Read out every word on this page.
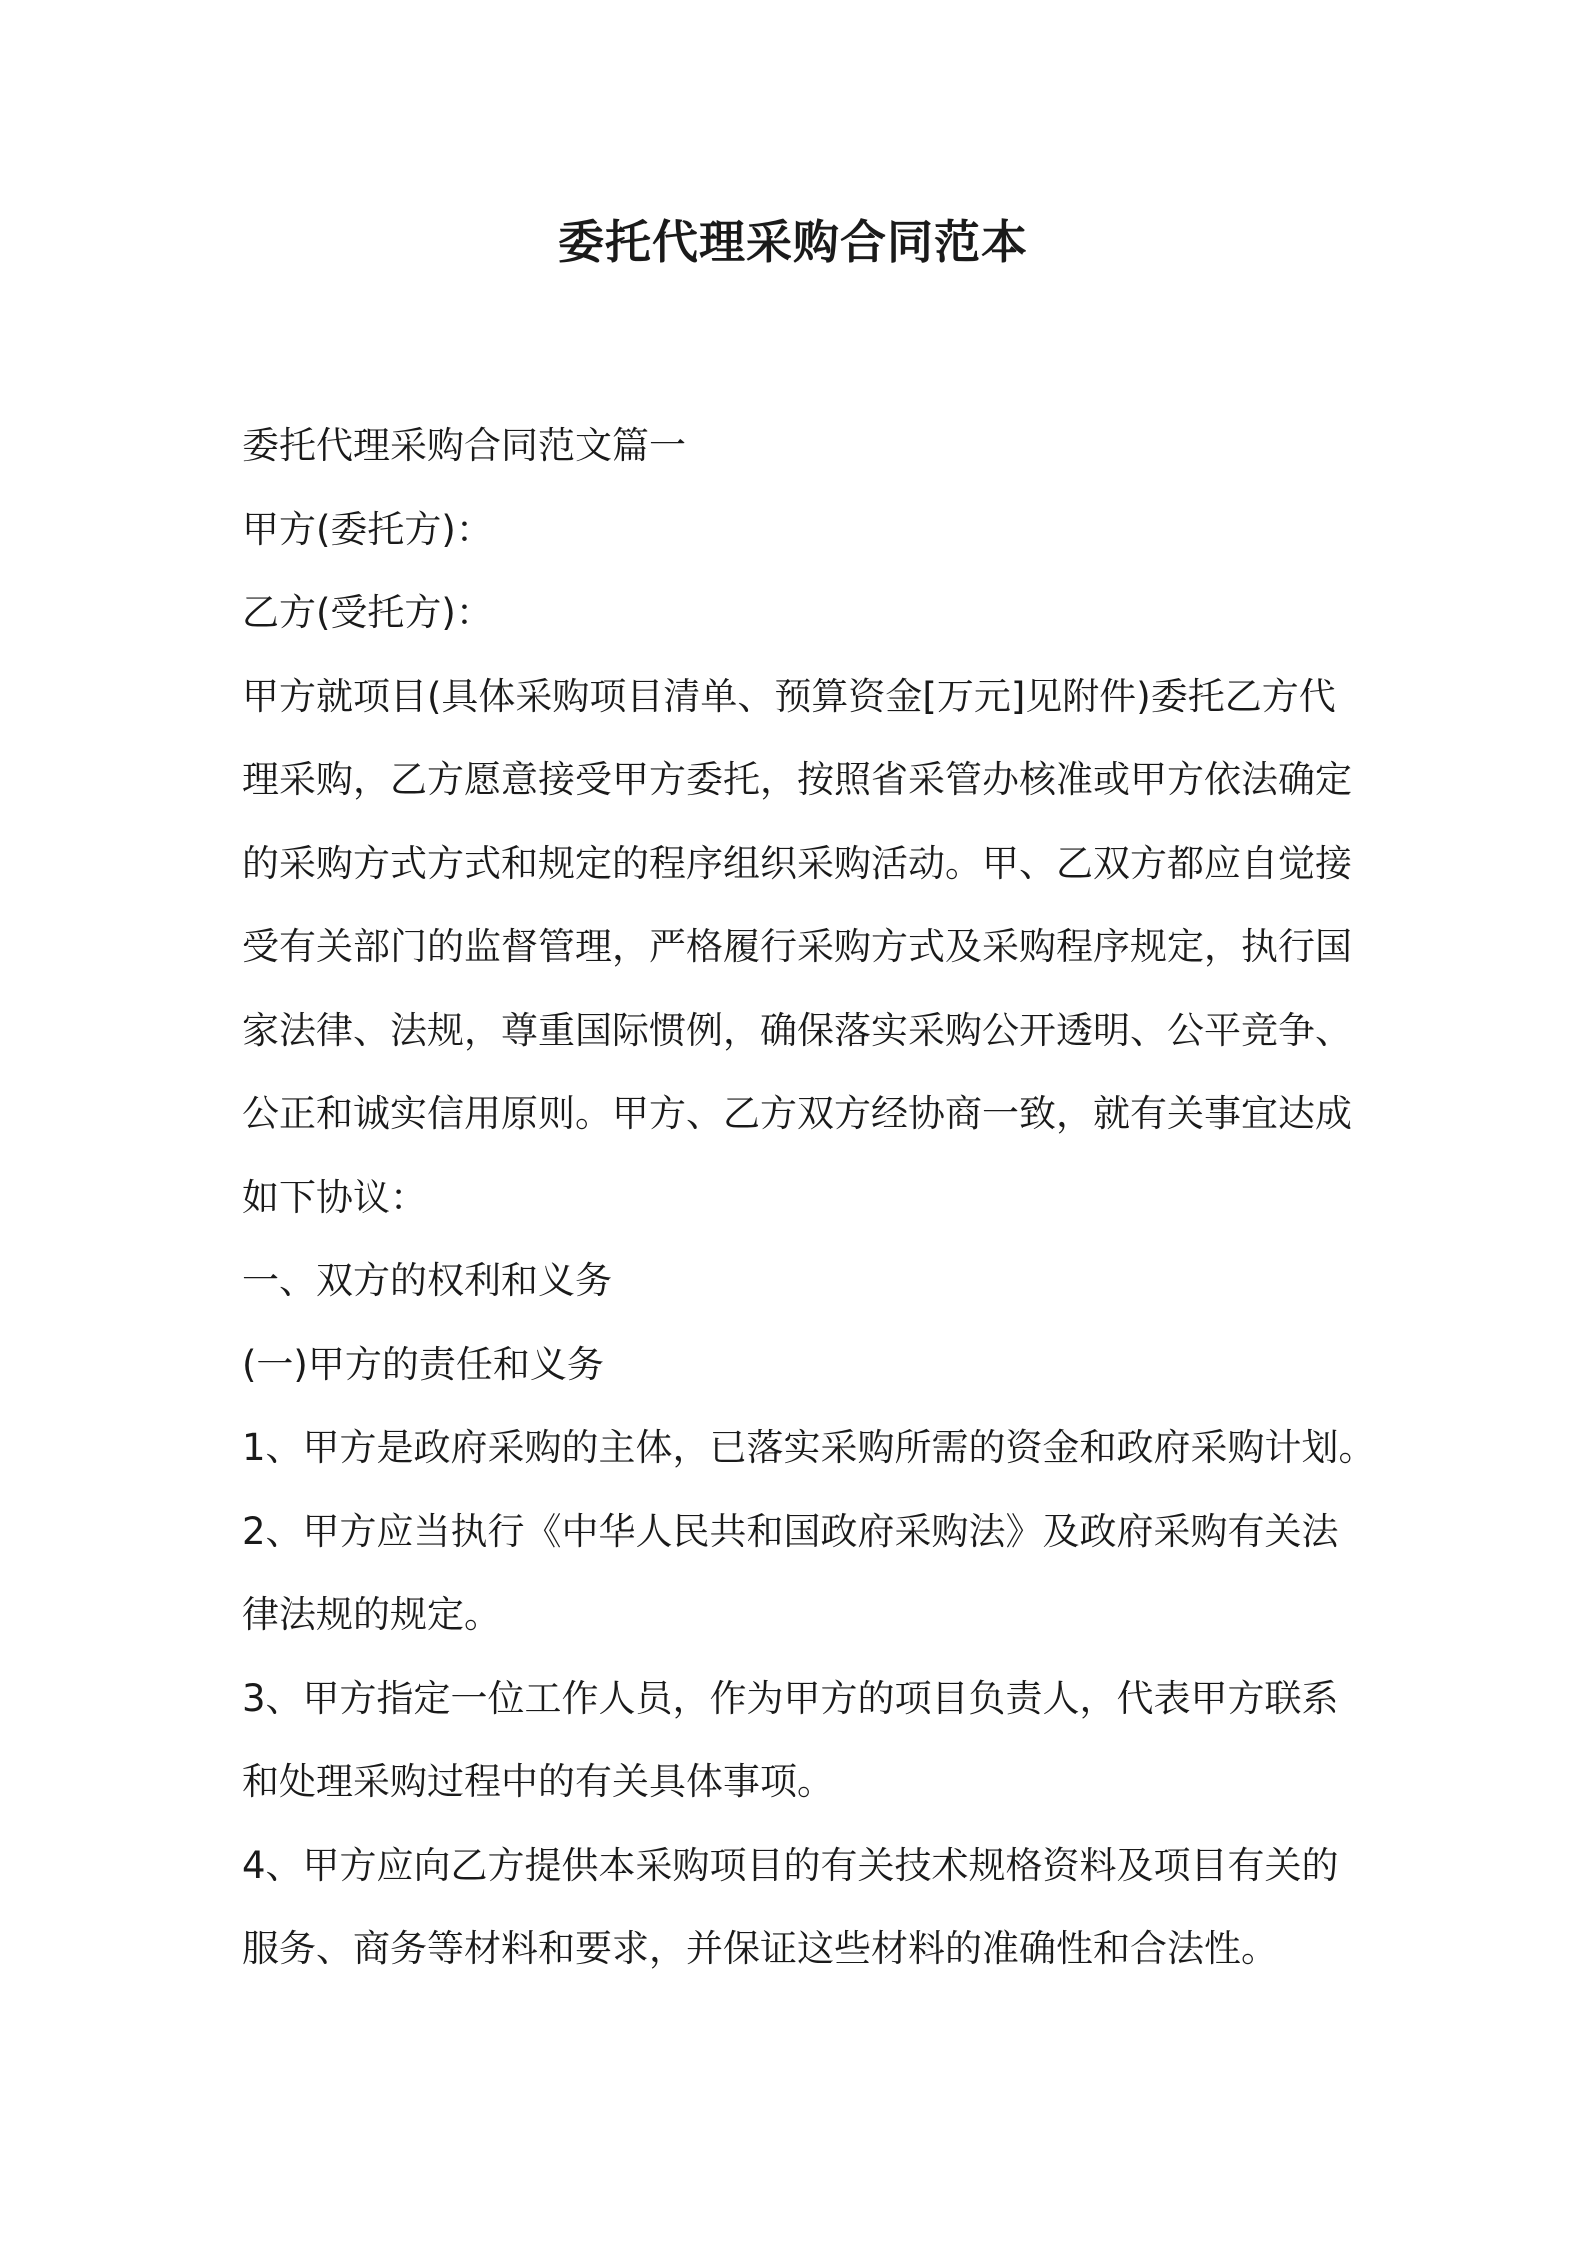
委托代理采购合同范本

委托代理采购合同范文篇一

甲方(委托方)：

乙方(受托方)：

甲方就项目(具体采购项目清单、预算资金[万元]见附件)委托乙方代

理采购，乙方愿意接受甲方委托，按照省采管办核准或甲方依法确定

的采购方式方式和规定的程序组织采购活动。甲、乙双方都应自觉接

受有关部门的监督管理，严格履行采购方式及采购程序规定，执行国

家法律、法规，尊重国际惯例，确保落实采购公开透明、公平竞争、

公正和诚实信用原则。甲方、乙方双方经协商一致，就有关事宜达成

如下协议：

一、双方的权利和义务

(一)甲方的责任和义务

1、甲方是政府采购的主体，已落实采购所需的资金和政府采购计划。

2、甲方应当执行《中华人民共和国政府采购法》及政府采购有关法

律法规的规定。

3、甲方指定一位工作人员，作为甲方的项目负责人，代表甲方联系

和处理采购过程中的有关具体事项。

4、甲方应向乙方提供本采购项目的有关技术规格资料及项目有关的

服务、商务等材料和要求，并保证这些材料的准确性和合法性。
